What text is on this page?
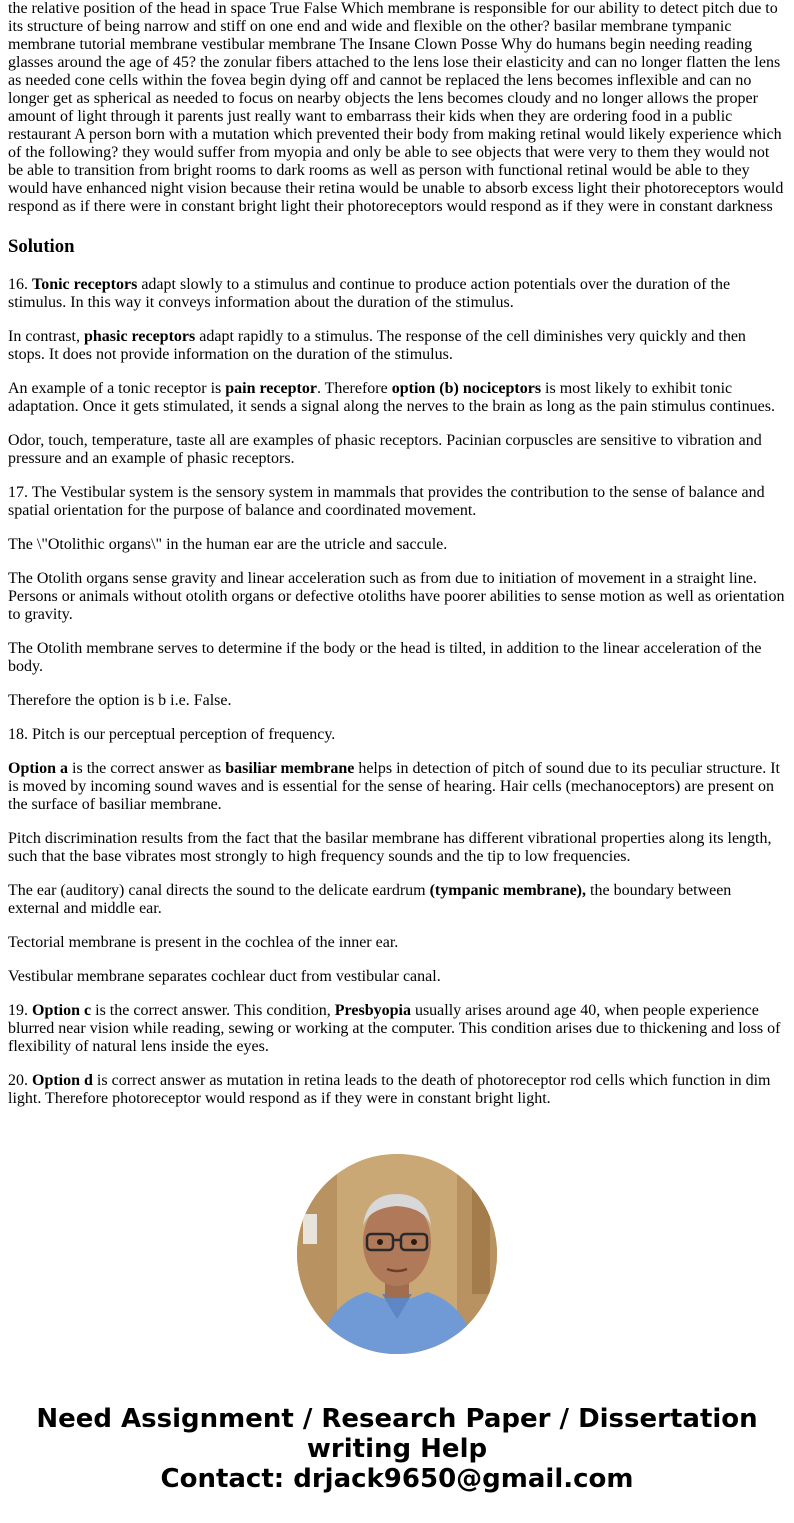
the relative position of the head in space True False Which membrane is responsible for our ability to detect pitch due to its structure of being narrow and stiff on one end and wide and flexible on the other? basilar membrane tympanic membrane tutorial membrane vestibular membrane The Insane Clown Posse Why do humans begin needing reading glasses around the age of 45? the zonular fibers attached to the lens lose their elasticity and can no longer flatten the lens as needed cone cells within the fovea begin dying off and cannot be replaced the lens becomes inflexible and can no longer get as spherical as needed to focus on nearby objects the lens becomes cloudy and no longer allows the proper amount of light through it parents just really want to embarrass their kids when they are ordering food in a public restaurant A person born with a mutation which prevented their body from making retinal would likely experience which of the following? they would suffer from myopia and only be able to see objects that were very to them they would not be able to transition from bright rooms to dark rooms as well as person with functional retinal would be able to they would have enhanced night vision because their retina would be unable to absorb excess light their photoreceptors would respond as if there were in constant bright light their photoreceptors would respond as if they were in constant darkness

Solution

16. Tonic receptors adapt slowly to a stimulus and continue to produce action potentials over the duration of the stimulus. In this way it conveys information about the duration of the stimulus.

In contrast, phasic receptors adapt rapidly to a stimulus. The response of the cell diminishes very quickly and then stops. It does not provide information on the duration of the stimulus.

An example of a tonic receptor is pain receptor. Therefore option (b) nociceptors is most likely to exhibit tonic adaptation. Once it gets stimulated, it sends a signal along the nerves to the brain as long as the pain stimulus continues.

Odor, touch, temperature, taste all are examples of phasic receptors. Pacinian corpuscles are sensitive to vibration and pressure and an example of phasic receptors.

17. The Vestibular system is the sensory system in mammals that provides the contribution to the sense of balance and spatial orientation for the purpose of balance and coordinated movement.

The \"Otolithic organs\" in the human ear are the utricle and saccule.

The Otolith organs sense gravity and linear acceleration such as from due to initiation of movement in a straight line. Persons or animals without otolith organs or defective otoliths have poorer abilities to sense motion as well as orientation to gravity.

The Otolith membrane serves to determine if the body or the head is tilted, in addition to the linear acceleration of the body.

Therefore the option is b i.e. False.

18. Pitch is our perceptual perception of frequency.

Option a is the correct answer as basiliar membrane helps in detection of pitch of sound due to its peculiar structure. It is moved by incoming sound waves and is essential for the sense of hearing. Hair cells (mechanoceptors) are present on the surface of basiliar membrane.

Pitch discrimination results from the fact that the basilar membrane has different vibrational properties along its length, such that the base vibrates most strongly to high frequency sounds and the tip to low frequencies.

The ear (auditory) canal directs the sound to the delicate eardrum (tympanic membrane), the boundary between external and middle ear.

Tectorial membrane is present in the cochlea of the inner ear.

Vestibular membrane separates cochlear duct from vestibular canal.

19. Option c is the correct answer. This condition, Presbyopia usually arises around age 40, when people experience blurred near vision while reading, sewing or working at the computer. This condition arises due to thickening and loss of flexibility of natural lens inside the eyes.

20. Option d is correct answer as mutation in retina leads to the death of photoreceptor rod cells which function in dim light. Therefore photoreceptor would respond as if they were in constant bright light.

Need Assignment / Research Paper / Dissertation
writing Help
Contact: drjack9650@gmail.com
